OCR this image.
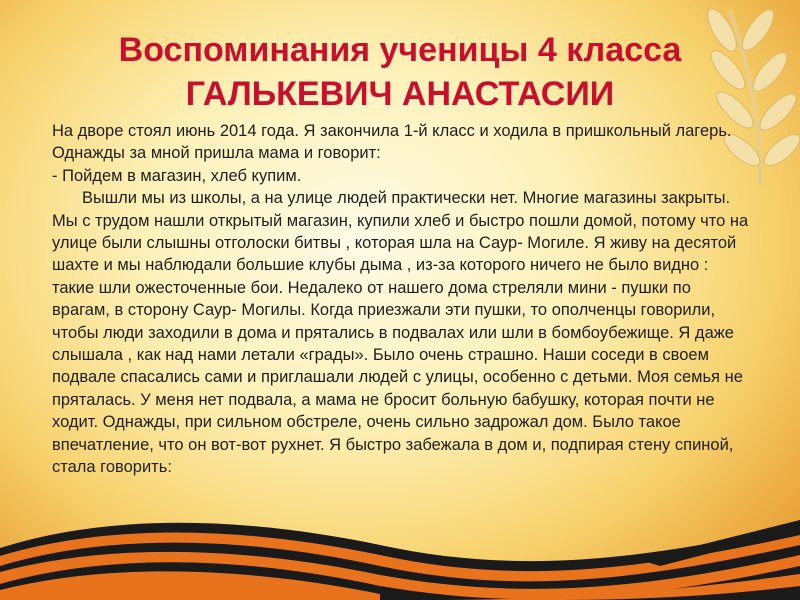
Воспоминания ученицы 4 класса
ГАЛЬКЕВИЧ АНАСТАСИИ

На дворе стоял июнь 2014 года. Я закончила 1-й класс и ходила в пришкольный лагерь. Однажды за мной пришла мама и говорит:

- Пойдем в магазин, хлеб купим.

Вышли мы из школы, а на улице людей практически нет. Многие магазины закрыты. Мы с трудом нашли открытый магазин, купили хлеб и быстро пошли домой, потому что на улице были слышны отголоски битвы , которая шла на Саур- Могиле. Я живу на десятой шахте и мы наблюдали большие клубы дыма , из-за которого ничего не было видно : такие шли ожесточенные бои. Недалеко от нашего дома стреляли мини - пушки по врагам, в сторону Саур- Могилы. Когда приезжали эти пушки, то ополченцы говорили, чтобы люди заходили в дома и прятались в подвалах или шли в бомбоубежище. Я даже слышала , как над нами летали «грады». Было очень страшно. Наши соседи в своем подвале спасались сами и приглашали людей с улицы, особенно с детьми. Моя семья не пряталась. У меня нет подвала, а мама не бросит больную бабушку, которая почти не ходит. Однажды, при сильном обстреле, очень сильно задрожал дом. Было такое впечатление, что он вот-вот рухнет. Я быстро забежала в дом и, подпирая стену спиной, стала говорить:
